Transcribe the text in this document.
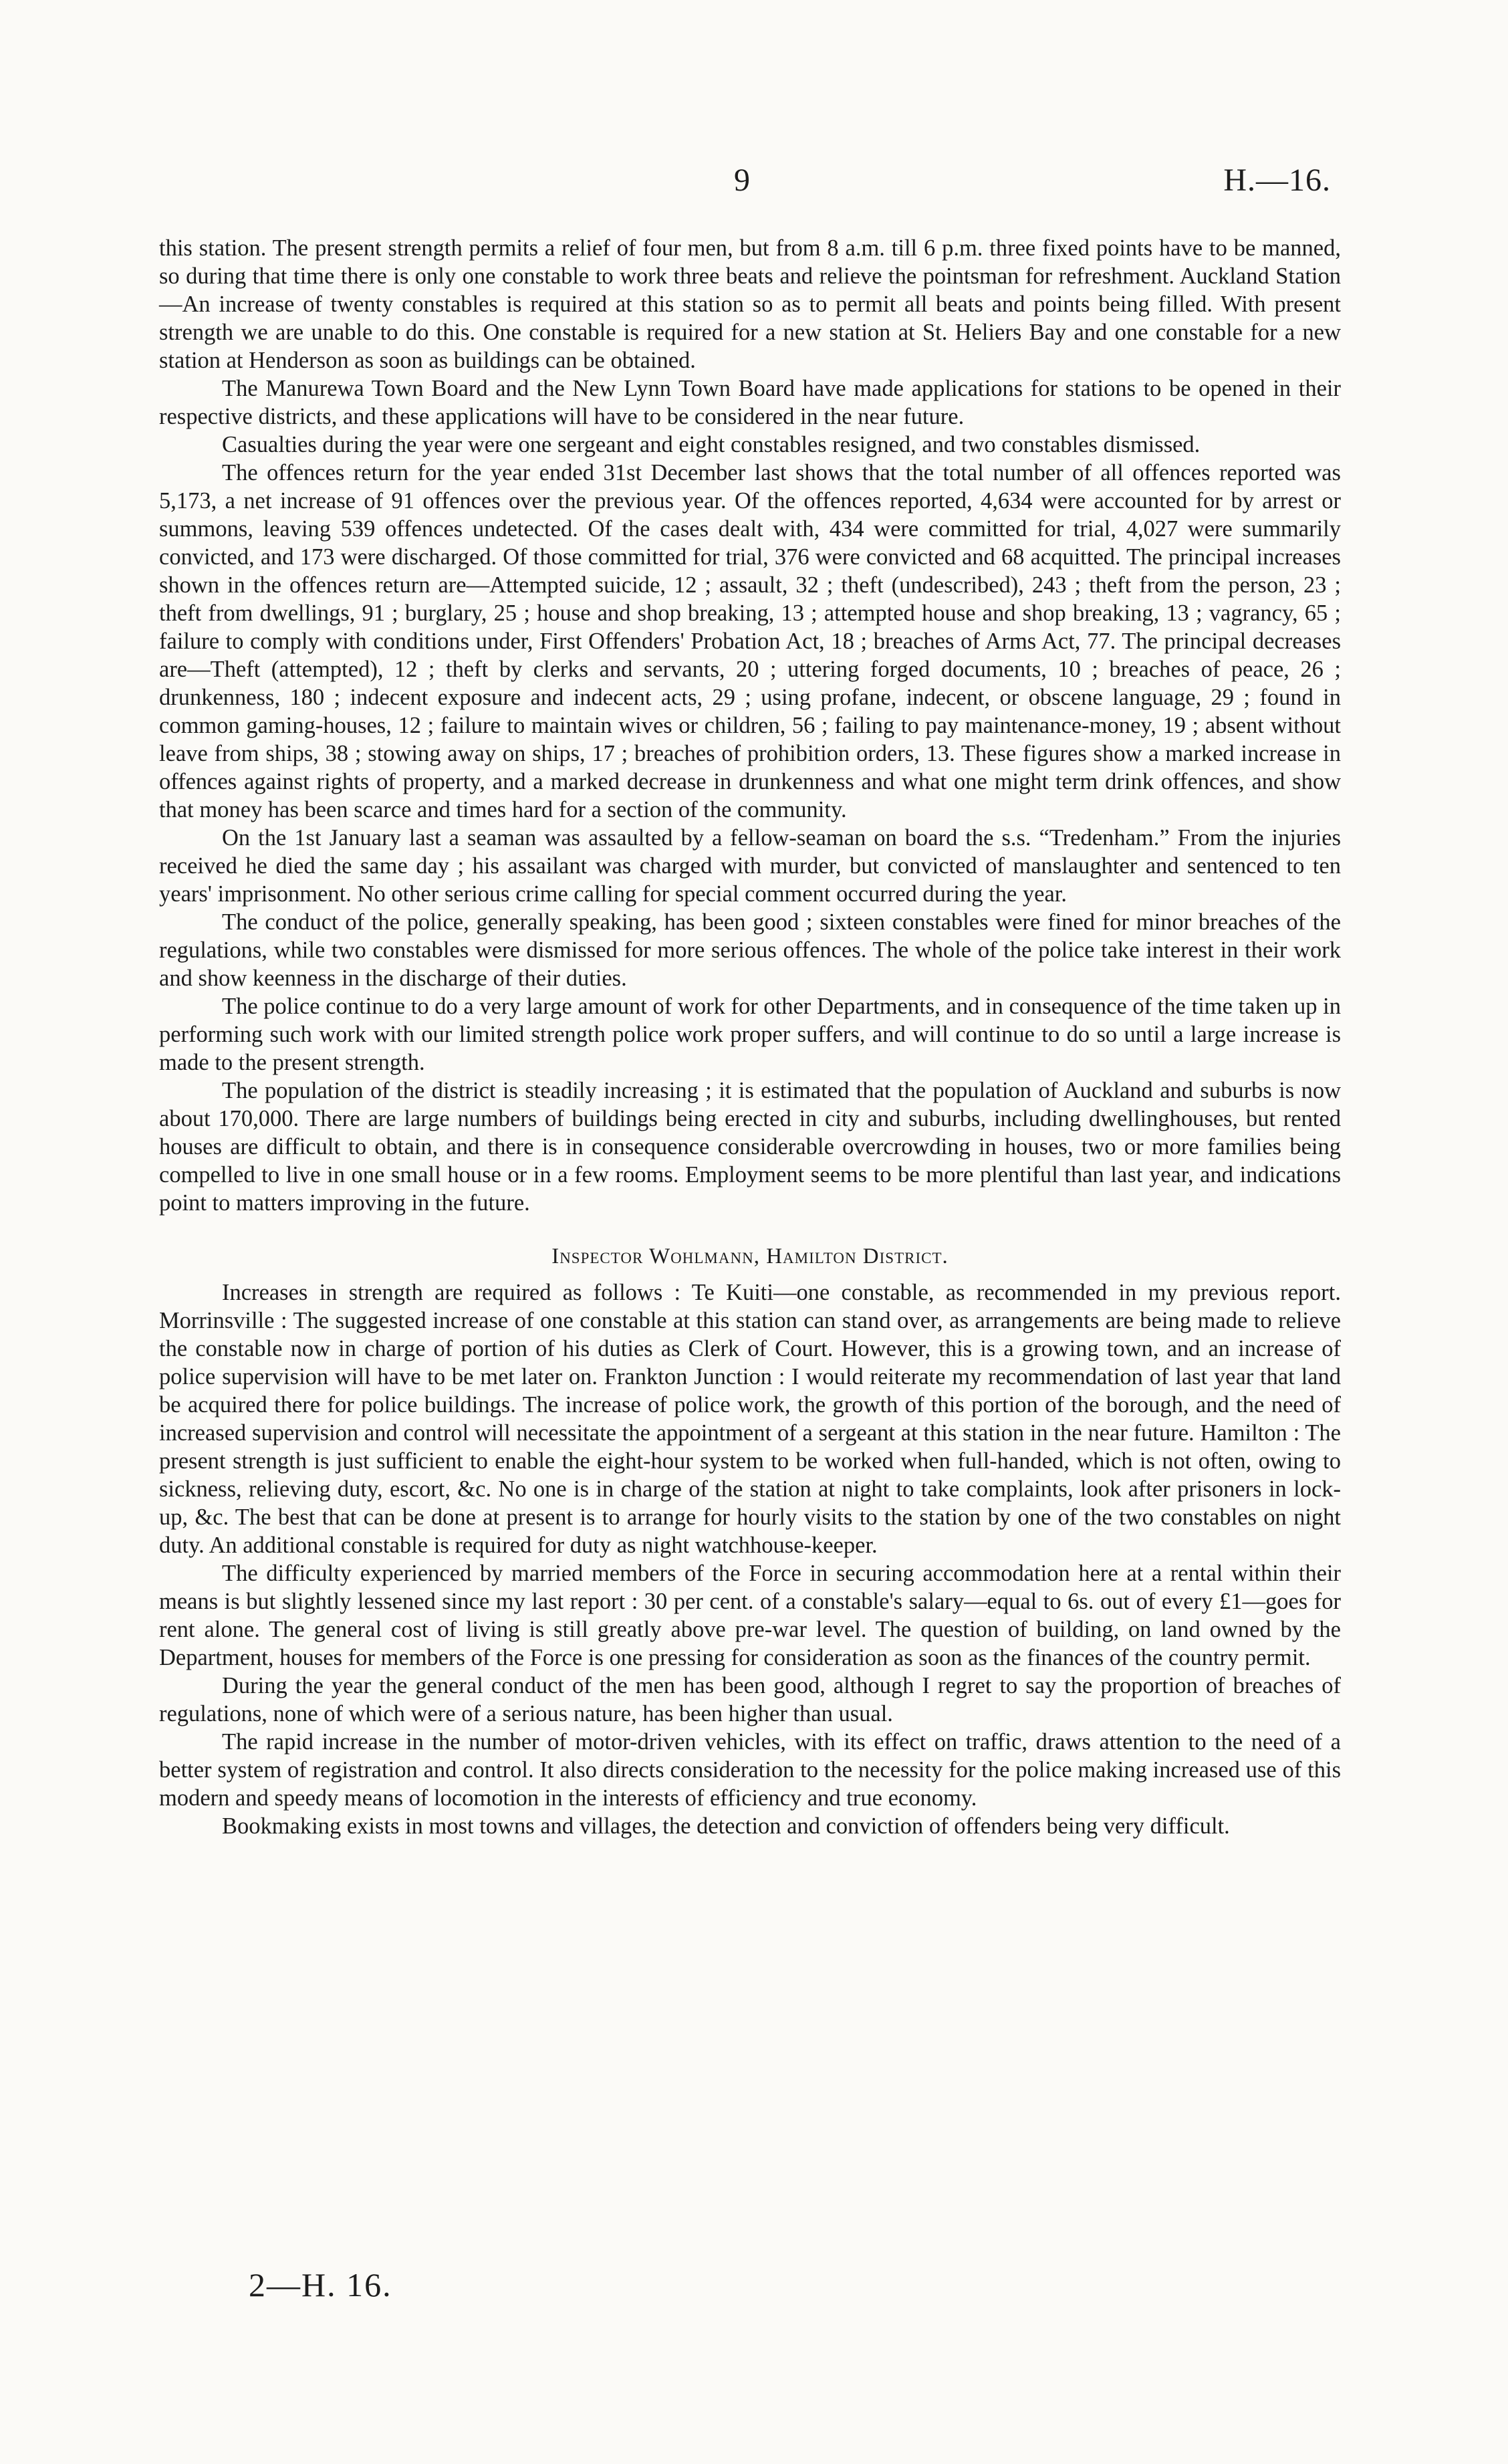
9	H.—16.

this station. The present strength permits a relief of four men, but from 8 a.m. till 6 p.m. three fixed points have to be manned, so during that time there is only one constable to work three beats and relieve the pointsman for refreshment. Auckland Station—An increase of twenty constables is required at this station so as to permit all beats and points being filled. With present strength we are unable to do this. One constable is required for a new station at St. Heliers Bay and one constable for a new station at Henderson as soon as buildings can be obtained.

The Manurewa Town Board and the New Lynn Town Board have made applications for stations to be opened in their respective districts, and these applications will have to be considered in the near future.

Casualties during the year were one sergeant and eight constables resigned, and two constables dismissed.

The offences return for the year ended 31st December last shows that the total number of all offences reported was 5,173, a net increase of 91 offences over the previous year. Of the offences reported, 4,634 were accounted for by arrest or summons, leaving 539 offences undetected. Of the cases dealt with, 434 were committed for trial, 4,027 were summarily convicted, and 173 were discharged. Of those committed for trial, 376 were convicted and 68 acquitted. The principal increases shown in the offences return are—Attempted suicide, 12 ; assault, 32 ; theft (undescribed), 243 ; theft from the person, 23 ; theft from dwellings, 91 ; burglary, 25 ; house and shop breaking, 13 ; attempted house and shop breaking, 13 ; vagrancy, 65 ; failure to comply with conditions under, First Offenders' Probation Act, 18 ; breaches of Arms Act, 77. The principal decreases are—Theft (attempted), 12 ; theft by clerks and servants, 20 ; uttering forged documents, 10 ; breaches of peace, 26 ; drunkenness, 180 ; indecent exposure and indecent acts, 29 ; using profane, indecent, or obscene language, 29 ; found in common gaming-houses, 12 ; failure to maintain wives or children, 56 ; failing to pay maintenance-money, 19 ; absent without leave from ships, 38 ; stowing away on ships, 17 ; breaches of prohibition orders, 13. These figures show a marked increase in offences against rights of property, and a marked decrease in drunkenness and what one might term drink offences, and show that money has been scarce and times hard for a section of the community.

On the 1st January last a seaman was assaulted by a fellow-seaman on board the s.s. “Tredenham.” From the injuries received he died the same day ; his assailant was charged with murder, but convicted of manslaughter and sentenced to ten years' imprisonment. No other serious crime calling for special comment occurred during the year.

The conduct of the police, generally speaking, has been good ; sixteen constables were fined for minor breaches of the regulations, while two constables were dismissed for more serious offences. The whole of the police take interest in their work and show keenness in the discharge of their duties.

The police continue to do a very large amount of work for other Departments, and in consequence of the time taken up in performing such work with our limited strength police work proper suffers, and will continue to do so until a large increase is made to the present strength.

The population of the district is steadily increasing ; it is estimated that the population of Auckland and suburbs is now about 170,000. There are large numbers of buildings being erected in city and suburbs, including dwellinghouses, but rented houses are difficult to obtain, and there is in consequence considerable overcrowding in houses, two or more families being compelled to live in one small house or in a few rooms. Employment seems to be more plentiful than last year, and indications point to matters improving in the future.

Inspector Wohlmann, Hamilton District.

Increases in strength are required as follows : Te Kuiti—one constable, as recommended in my previous report. Morrinsville : The suggested increase of one constable at this station can stand over, as arrangements are being made to relieve the constable now in charge of portion of his duties as Clerk of Court. However, this is a growing town, and an increase of police supervision will have to be met later on. Frankton Junction : I would reiterate my recommendation of last year that land be acquired there for police buildings. The increase of police work, the growth of this portion of the borough, and the need of increased supervision and control will necessitate the appointment of a sergeant at this station in the near future. Hamilton : The present strength is just sufficient to enable the eight-hour system to be worked when full-handed, which is not often, owing to sickness, relieving duty, escort, &c. No one is in charge of the station at night to take complaints, look after prisoners in lock-up, &c. The best that can be done at present is to arrange for hourly visits to the station by one of the two constables on night duty. An additional constable is required for duty as night watchhouse-keeper.

The difficulty experienced by married members of the Force in securing accommodation here at a rental within their means is but slightly lessened since my last report : 30 per cent. of a constable's salary—equal to 6s. out of every £1—goes for rent alone. The general cost of living is still greatly above pre-war level. The question of building, on land owned by the Department, houses for members of the Force is one pressing for consideration as soon as the finances of the country permit.

During the year the general conduct of the men has been good, although I regret to say the proportion of breaches of regulations, none of which were of a serious nature, has been higher than usual.

The rapid increase in the number of motor-driven vehicles, with its effect on traffic, draws attention to the need of a better system of registration and control. It also directs consideration to the necessity for the police making increased use of this modern and speedy means of locomotion in the interests of efficiency and true economy.

Bookmaking exists in most towns and villages, the detection and conviction of offenders being very difficult.

2—H. 16.
